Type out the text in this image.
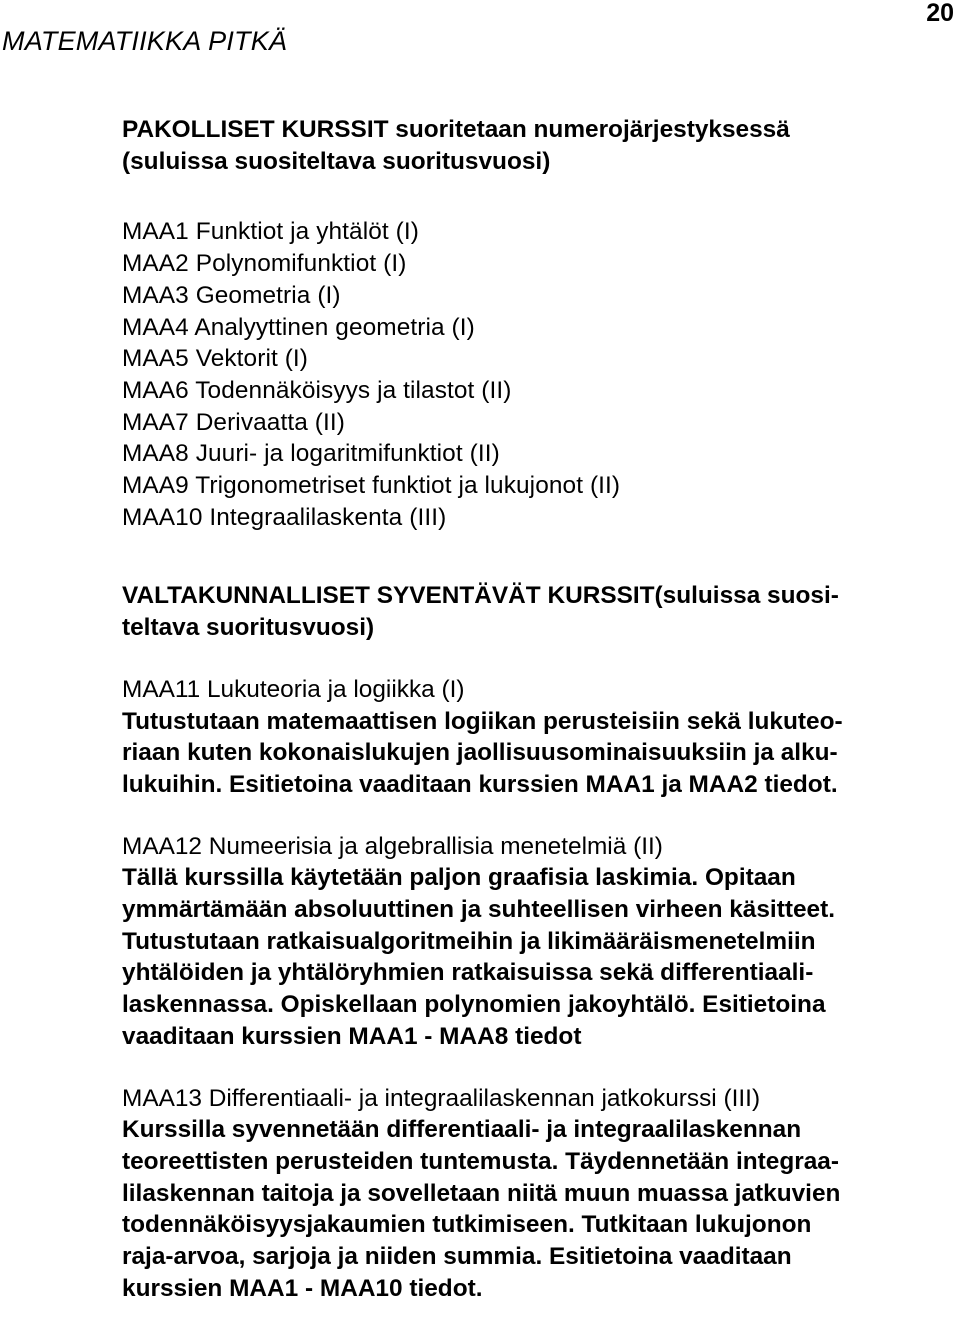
MATEMATIIKKA PITKÄ
20
PAKOLLISET KURSSIT suoritetaan numerojärjestyksessä
(suluissa suositeltava suoritusvuosi)
MAA1 Funktiot ja yhtälöt (I)
MAA2 Polynomifunktiot (I)
MAA3 Geometria (I)
MAA4 Analyyttinen geometria (I)
MAA5 Vektorit (I)
MAA6 Todennäköisyys ja tilastot (II)
MAA7 Derivaatta (II)
MAA8 Juuri- ja logaritmifunktiot (II)
MAA9 Trigonometriset funktiot ja lukujonot (II)
MAA10 Integraalilaskenta (III)
VALTAKUNNALLISET SYVENTÄVÄT KURSSIT(suluissa suosi-
teltava suoritusvuosi)
MAA11 Lukuteoria ja logiikka (I)
Tutustutaan matemaattisen logiikan perusteisiin sekä lukuteo-
riaan kuten kokonaislukujen jaollisuusominaisuuksiin ja alku-
lukuihin. Esitietoina vaaditaan kurssien MAA1 ja MAA2 tiedot.
MAA12 Numeerisia ja algebrallisia menetelmiä (II)
Tällä kurssilla käytetään paljon graafisia laskimia. Opitaan
ymmärtämään absoluuttinen ja suhteellisen virheen käsitteet.
Tutustutaan ratkaisualgoritmeihin ja likimääräismenetelmiin
yhtälöiden ja yhtälöryhmien ratkaisuissa sekä differentiaali-
laskennassa. Opiskellaan polynomien jakoyhtälö. Esitietoina
vaaditaan kurssien MAA1 - MAA8 tiedot
MAA13 Differentiaali- ja integraalilaskennan jatkokurssi (III)
Kurssilla syvennetään differentiaali- ja integraalilaskennan
teoreettisten perusteiden tuntemusta. Täydennetään integraa-
lilaskennan taitoja ja sovelletaan niitä muun muassa jatkuvien
todennäköisyysjakaumien tutkimiseen. Tutkitaan lukujonon
raja-arvoa, sarjoja ja niiden summia. Esitietoina vaaditaan
kurssien MAA1 - MAA10 tiedot.
